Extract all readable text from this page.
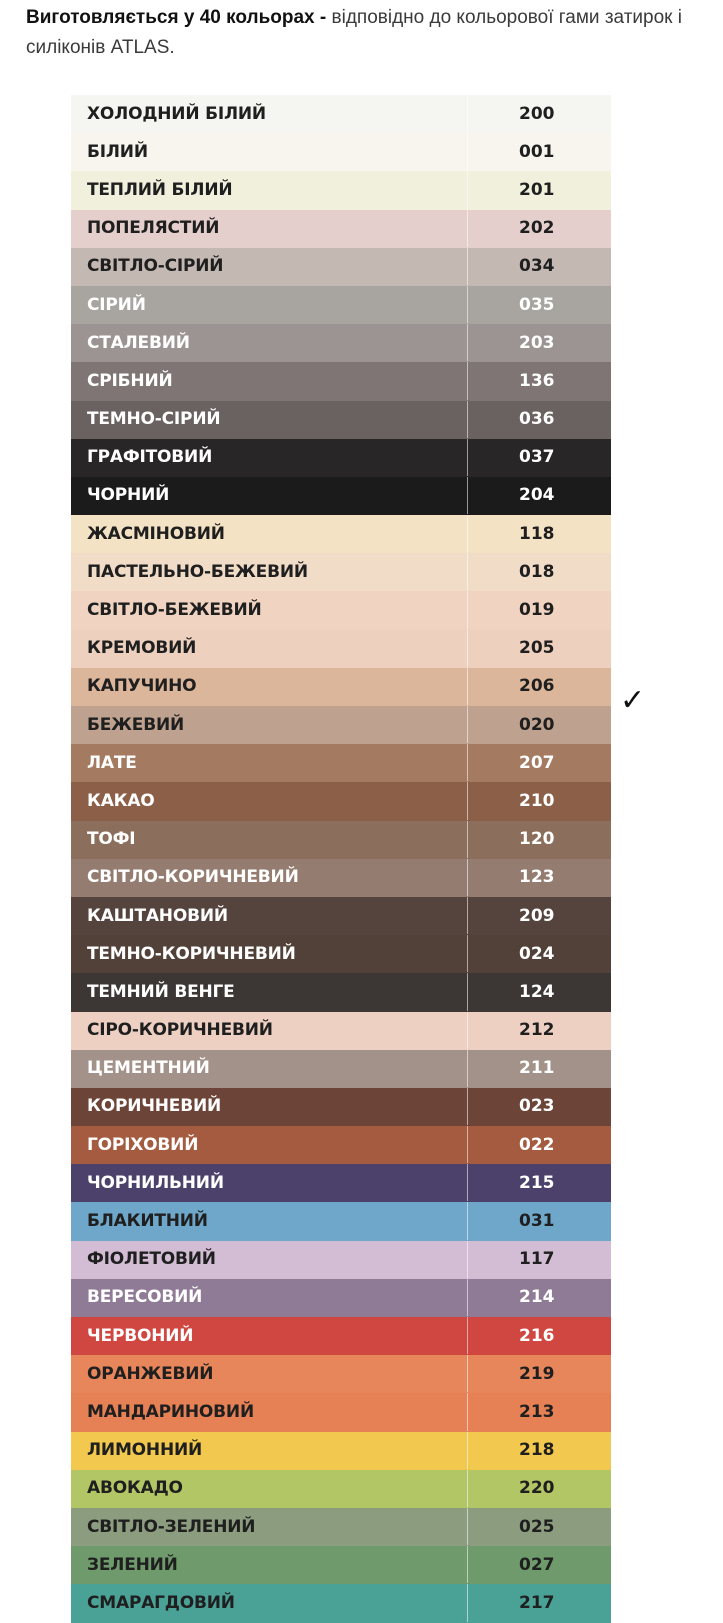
Виготовляється у 40 кольорах - відповідно до кольорової гами затирок і силіконів ATLAS.
ХОЛОДНИЙ БІЛИЙ	200
БІЛИЙ	001
ТЕПЛИЙ БІЛИЙ	201
ПОПЕЛЯСТИЙ	202
СВІТЛО-СІРИЙ	034
СІРИЙ	035
СТАЛЕВИЙ	203
СРІБНИЙ	136
ТЕМНО-СІРИЙ	036
ГРАФІТОВИЙ	037
ЧОРНИЙ	204
ЖАСМІНОВИЙ	118
ПАСТЕЛЬНО-БЕЖЕВИЙ	018
СВІТЛО-БЕЖЕВИЙ	019
КРЕМОВИЙ	205
КАПУЧИНО	206
БЕЖЕВИЙ	020
ЛАТЕ	207
КАКАО	210
ТОФІ	120
СВІТЛО-КОРИЧНЕВИЙ	123
КАШТАНОВИЙ	209
ТЕМНО-КОРИЧНЕВИЙ	024
ТЕМНИЙ ВЕНГЕ	124
СІРО-КОРИЧНЕВИЙ	212
ЦЕМЕНТНИЙ	211
КОРИЧНЕВИЙ	023
ГОРІХОВИЙ	022
ЧОРНИЛЬНИЙ	215
БЛАКИТНИЙ	031
ФІОЛЕТОВИЙ	117
ВЕРЕСОВИЙ	214
ЧЕРВОНИЙ	216
ОРАНЖЕВИЙ	219
МАНДАРИНОВИЙ	213
ЛИМОННИЙ	218
АВОКАДО	220
СВІТЛО-ЗЕЛЕНИЙ	025
ЗЕЛЕНИЙ	027
СМАРАГДОВИЙ	217
✓
